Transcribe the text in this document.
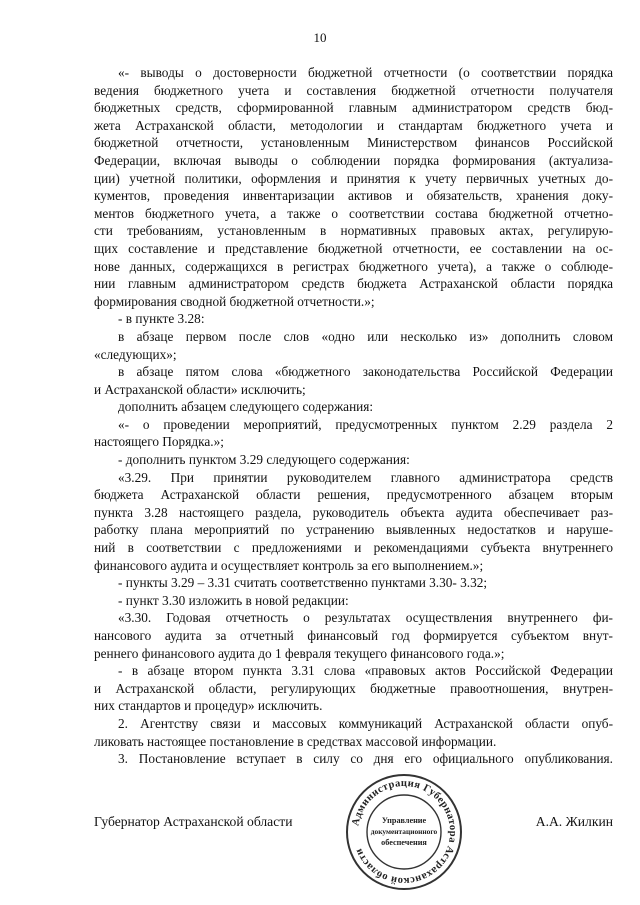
10
«- выводы о достоверности бюджетной отчетности (о соответствии порядка
ведения бюджетного учета и составления бюджетной отчетности получателя
бюджетных средств, сформированной главным администратором средств бюд-
жета Астраханской области, методологии и стандартам бюджетного учета и
бюджетной отчетности, установленным Министерством финансов Российской
Федерации, включая выводы о соблюдении порядка формирования (актуализа-
ции) учетной политики, оформления и принятия к учету первичных учетных до-
кументов, проведения инвентаризации активов и обязательств, хранения доку-
ментов бюджетного учета, а также о соответствии состава бюджетной отчетно-
сти требованиям, установленным в нормативных правовых актах, регулирую-
щих составление и представление бюджетной отчетности, ее составлении на ос-
нове данных, содержащихся в регистрах бюджетного учета), а также о соблюде-
нии главным администратором средств бюджета Астраханской области порядка
формирования сводной бюджетной отчетности.»;
- в пункте 3.28:
в абзаце первом после слов «одно или несколько из» дополнить словом
«следующих»;
в абзаце пятом слова «бюджетного законодательства Российской Федерации
и Астраханской области» исключить;
дополнить абзацем следующего содержания:
«- о проведении мероприятий, предусмотренных пунктом 2.29 раздела 2
настоящего Порядка.»;
- дополнить пунктом 3.29 следующего содержания:
«3.29. При принятии руководителем главного администратора средств
бюджета Астраханской области решения, предусмотренного абзацем вторым
пункта 3.28 настоящего раздела, руководитель объекта аудита обеспечивает раз-
работку плана мероприятий по устранению выявленных недостатков и наруше-
ний в соответствии с предложениями и рекомендациями субъекта внутреннего
финансового аудита и осуществляет контроль за его выполнением.»;
- пункты 3.29 – 3.31 считать соответственно пунктами 3.30- 3.32;
- пункт 3.30 изложить в новой редакции:
«3.30. Годовая отчетность о результатах осуществления внутреннего фи-
нансового аудита за отчетный финансовый год формируется субъектом внут-
реннего финансового аудита до 1 февраля текущего финансового года.»;
- в абзаце втором пункта 3.31 слова «правовых актов Российской Федерации
и Астраханской области, регулирующих бюджетные правоотношения, внутрен-
них стандартов и процедур» исключить.
2. Агентству связи и массовых коммуникаций Астраханской области опуб-
ликовать настоящее постановление в средствах массовой информации.
3. Постановление вступает в силу со дня его официального опубликования.
Губернатор Астраханской области	А.А. Жилкин
Администрация Губернатора Астраханской области
Управление
документационного
обеспечения
